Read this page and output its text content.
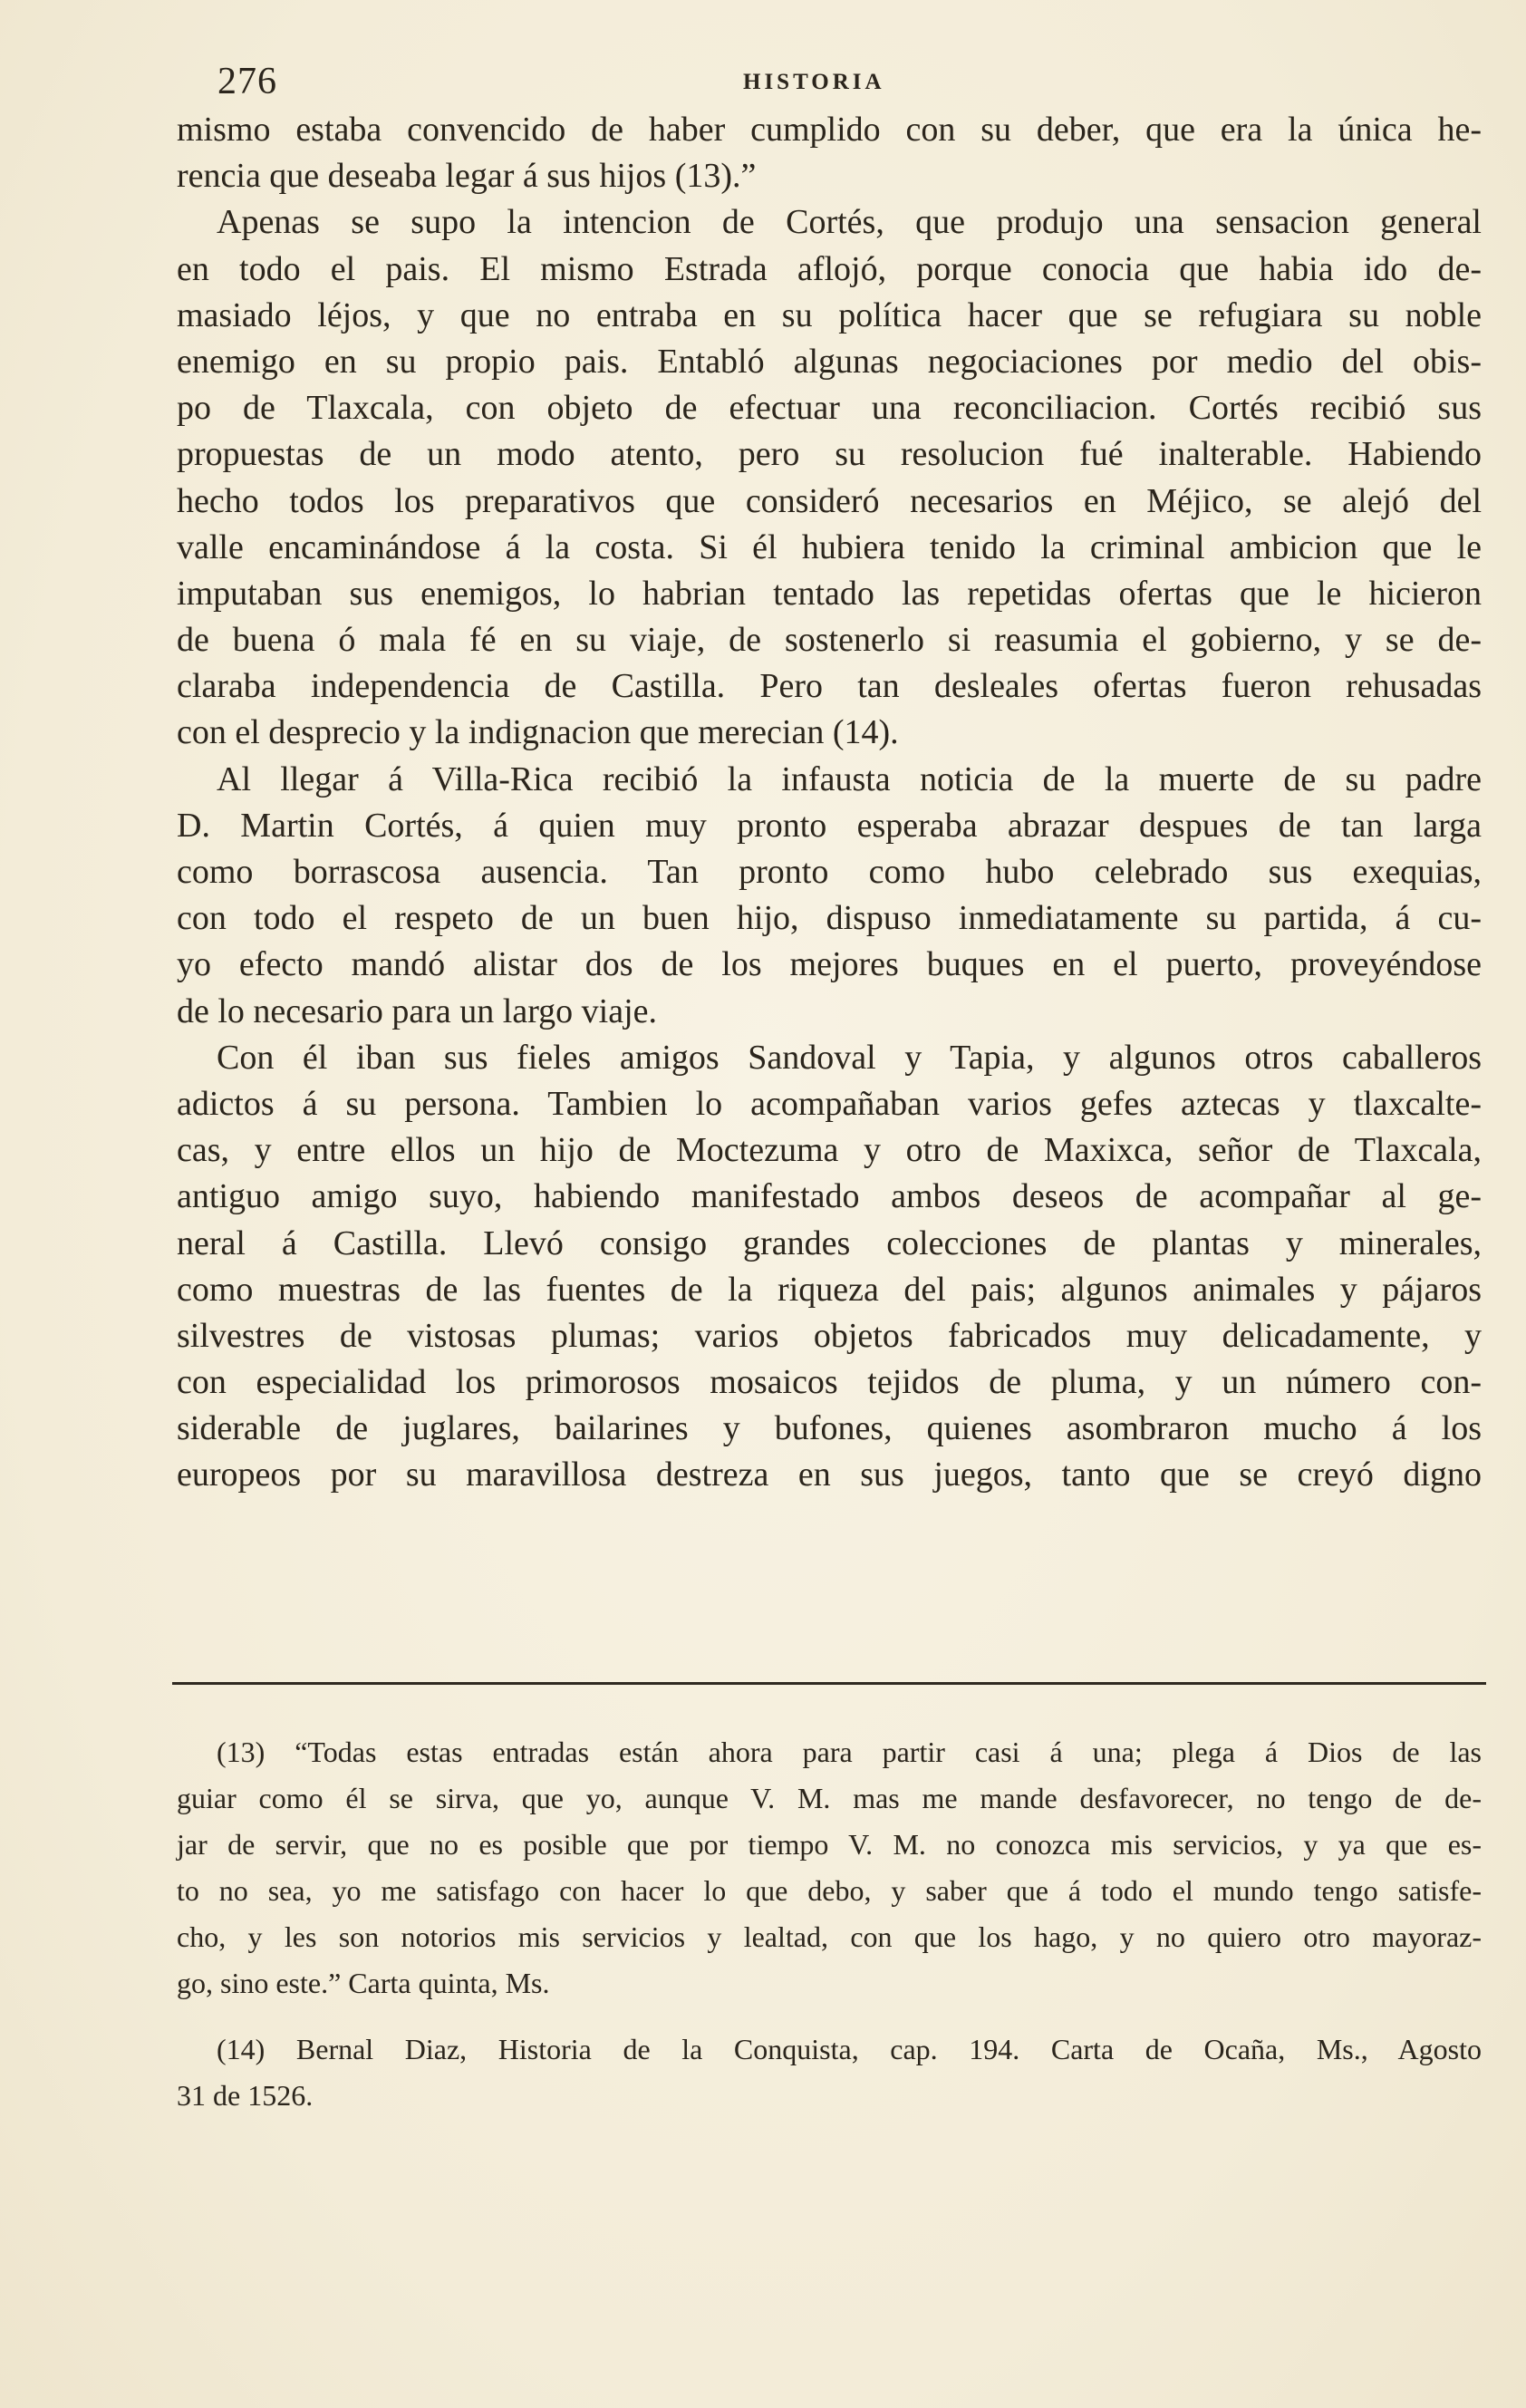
276	HISTORIA
mismo estaba convencido de haber cumplido con su deber, que era la única he-
rencia que deseaba legar á sus hijos (13).”
Apenas se supo la intencion de Cortés, que produjo una sensacion general
en todo el pais. El mismo Estrada aflojó, porque conocia que habia ido de-
masiado léjos, y que no entraba en su política hacer que se refugiara su noble
enemigo en su propio pais. Entabló algunas negociaciones por medio del obis-
po de Tlaxcala, con objeto de efectuar una reconciliacion. Cortés recibió sus
propuestas de un modo atento, pero su resolucion fué inalterable. Habiendo
hecho todos los preparativos que consideró necesarios en Méjico, se alejó del
valle encaminándose á la costa. Si él hubiera tenido la criminal ambicion que le
imputaban sus enemigos, lo habrian tentado las repetidas ofertas que le hicieron
de buena ó mala fé en su viaje, de sostenerlo si reasumia el gobierno, y se de-
claraba independencia de Castilla. Pero tan desleales ofertas fueron rehusadas
con el desprecio y la indignacion que merecian (14).
Al llegar á Villa-Rica recibió la infausta noticia de la muerte de su padre
D. Martin Cortés, á quien muy pronto esperaba abrazar despues de tan larga
como borrascosa ausencia. Tan pronto como hubo celebrado sus exequias,
con todo el respeto de un buen hijo, dispuso inmediatamente su partida, á cu-
yo efecto mandó alistar dos de los mejores buques en el puerto, proveyéndose
de lo necesario para un largo viaje.
Con él iban sus fieles amigos Sandoval y Tapia, y algunos otros caballeros
adictos á su persona. Tambien lo acompañaban varios gefes aztecas y tlaxcalte-
cas, y entre ellos un hijo de Moctezuma y otro de Maxixca, señor de Tlaxcala,
antiguo amigo suyo, habiendo manifestado ambos deseos de acompañar al ge-
neral á Castilla. Llevó consigo grandes colecciones de plantas y minerales,
como muestras de las fuentes de la riqueza del pais; algunos animales y pájaros
silvestres de vistosas plumas; varios objetos fabricados muy delicadamente, y
con especialidad los primorosos mosaicos tejidos de pluma, y un número con-
siderable de juglares, bailarines y bufones, quienes asombraron mucho á los
europeos por su maravillosa destreza en sus juegos, tanto que se creyó digno
(13) “Todas estas entradas están ahora para partir casi á una; plega á Dios de las
guiar como él se sirva, que yo, aunque V. M. mas me mande desfavorecer, no tengo de de-
jar de servir, que no es posible que por tiempo V. M. no conozca mis servicios, y ya que es-
to no sea, yo me satisfago con hacer lo que debo, y saber que á todo el mundo tengo satisfe-
cho, y les son notorios mis servicios y lealtad, con que los hago, y no quiero otro mayoraz-
go, sino este.” Carta quinta, Ms.
(14) Bernal Diaz, Historia de la Conquista, cap. 194. Carta de Ocaña, Ms., Agosto
31 de 1526.
